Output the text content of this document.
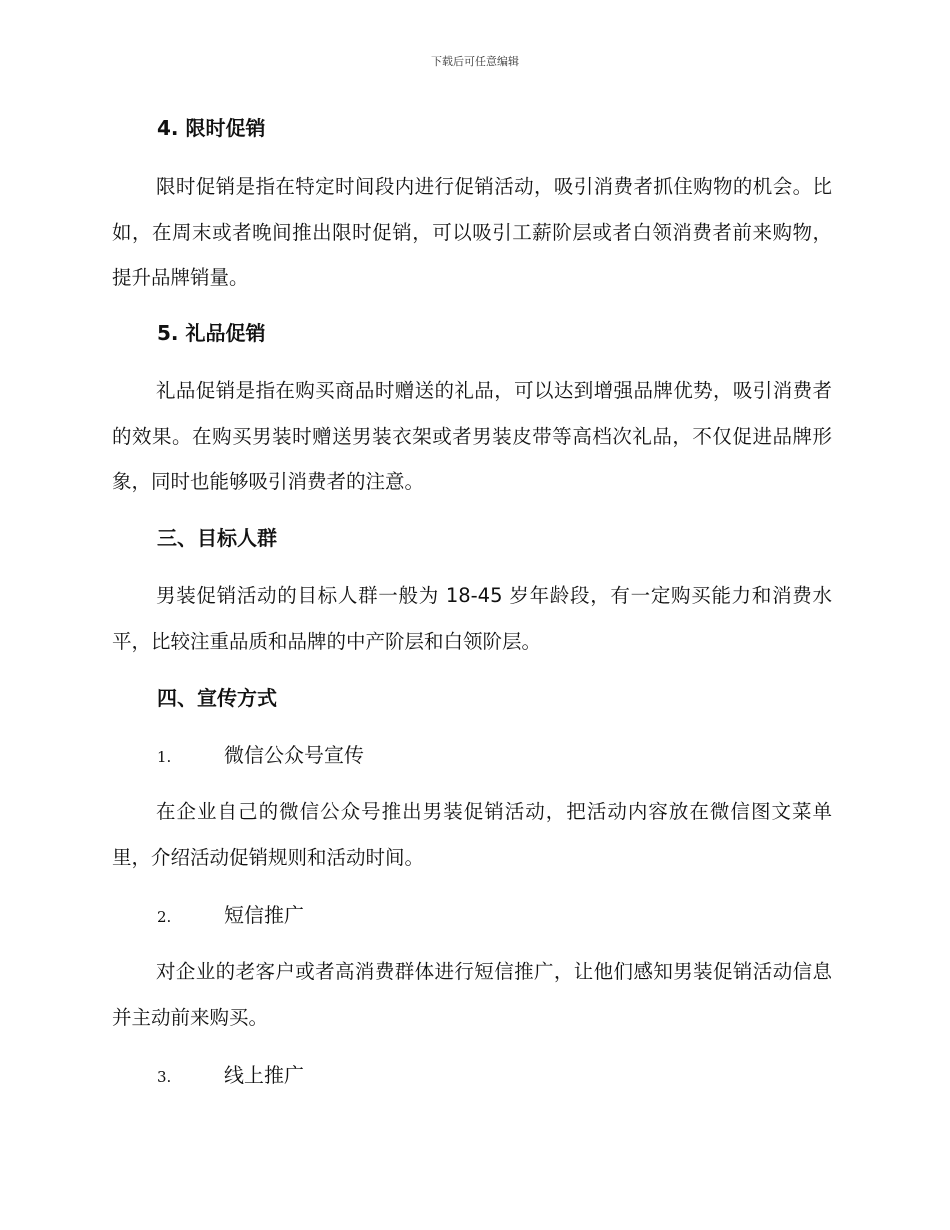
下载后可任意编辑
4. 限时促销
限时促销是指在特定时间段内进行促销活动，吸引消费者抓住购物的机会。比如，在周末或者晚间推出限时促销，可以吸引工薪阶层或者白领消费者前来购物，提升品牌销量。
5. 礼品促销
礼品促销是指在购买商品时赠送的礼品，可以达到增强品牌优势，吸引消费者的效果。在购买男装时赠送男装衣架或者男装皮带等高档次礼品，不仅促进品牌形象，同时也能够吸引消费者的注意。
三、目标人群
男装促销活动的目标人群一般为 18-45 岁年龄段，有一定购买能力和消费水平，比较注重品质和品牌的中产阶层和白领阶层。
四、宣传方式
1.	微信公众号宣传
在企业自己的微信公众号推出男装促销活动，把活动内容放在微信图文菜单里，介绍活动促销规则和活动时间。
2.	短信推广
对企业的老客户或者高消费群体进行短信推广，让他们感知男装促销活动信息并主动前来购买。
3.	线上推广
